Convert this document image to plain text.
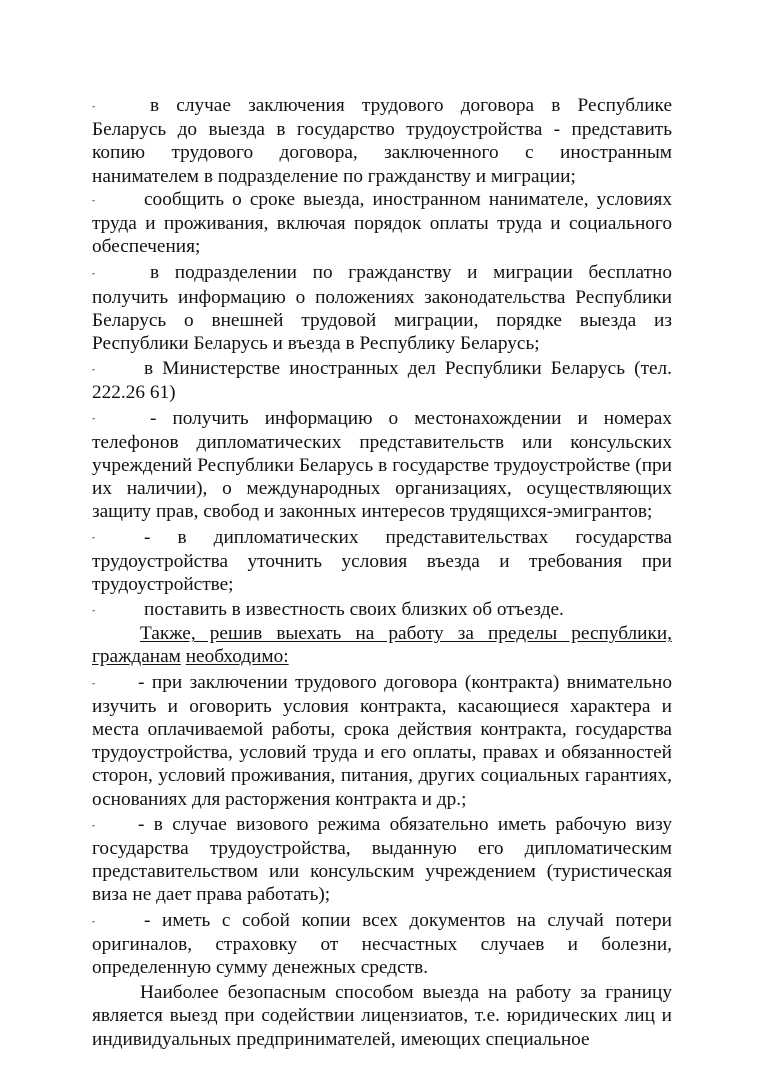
-	в случае заключения трудового договора в Республике Беларусь до выезда в государство трудоустройства - представить копию трудового договора, заключенного с иностранным нанимателем в подразделение по гражданству и миграции;

-	сообщить о сроке выезда, иностранном нанимателе, условиях труда и проживания, включая порядок оплаты труда и социального обеспечения;

-	в подразделении по гражданству и миграции бесплатно получить информацию о положениях законодательства Республики Беларусь о внешней трудовой миграции, порядке выезда из Республики Беларусь и въезда в Республику Беларусь;

-	в Министерстве иностранных дел Республики Беларусь (тел. 222.26 61)

-	- получить информацию о местонахождении и номерах телефонов дипломатических представительств или консульских учреждений Республики Беларусь в государстве трудоустройстве (при их наличии), о международных организациях, осуществляющих защиту прав, свобод и законных интересов трудящихся-эмигрантов;

-	- в дипломатических представительствах государства трудоустройства уточнить условия въезда и требования при трудоустройстве;

-	поставить в известность своих близких об отъезде.

Также, решив выехать на работу за пределы республики, гражданам необходимо:

- - при заключении трудового договора (контракта) внимательно изучить и оговорить условия контракта, касающиеся характера и места оплачиваемой работы, срока действия контракта, государства трудоустройства, условий труда и его оплаты, правах и обязанностей сторон, условий проживания, питания, других социальных гарантиях, основаниях для расторжения контракта и др.;

- - в случае визового режима обязательно иметь рабочую визу государства трудоустройства, выданную его дипломатическим представительством или консульским учреждением (туристическая виза не дает права работать);

-	- иметь с собой копии всех документов на случай потери оригиналов, страховку от несчастных случаев и болезни, определенную сумму денежных средств.

Наиболее безопасным способом выезда на работу за границу является выезд при содействии лицензиатов, т.е. юридических лиц и индивидуальных предпринимателей, имеющих специальное
